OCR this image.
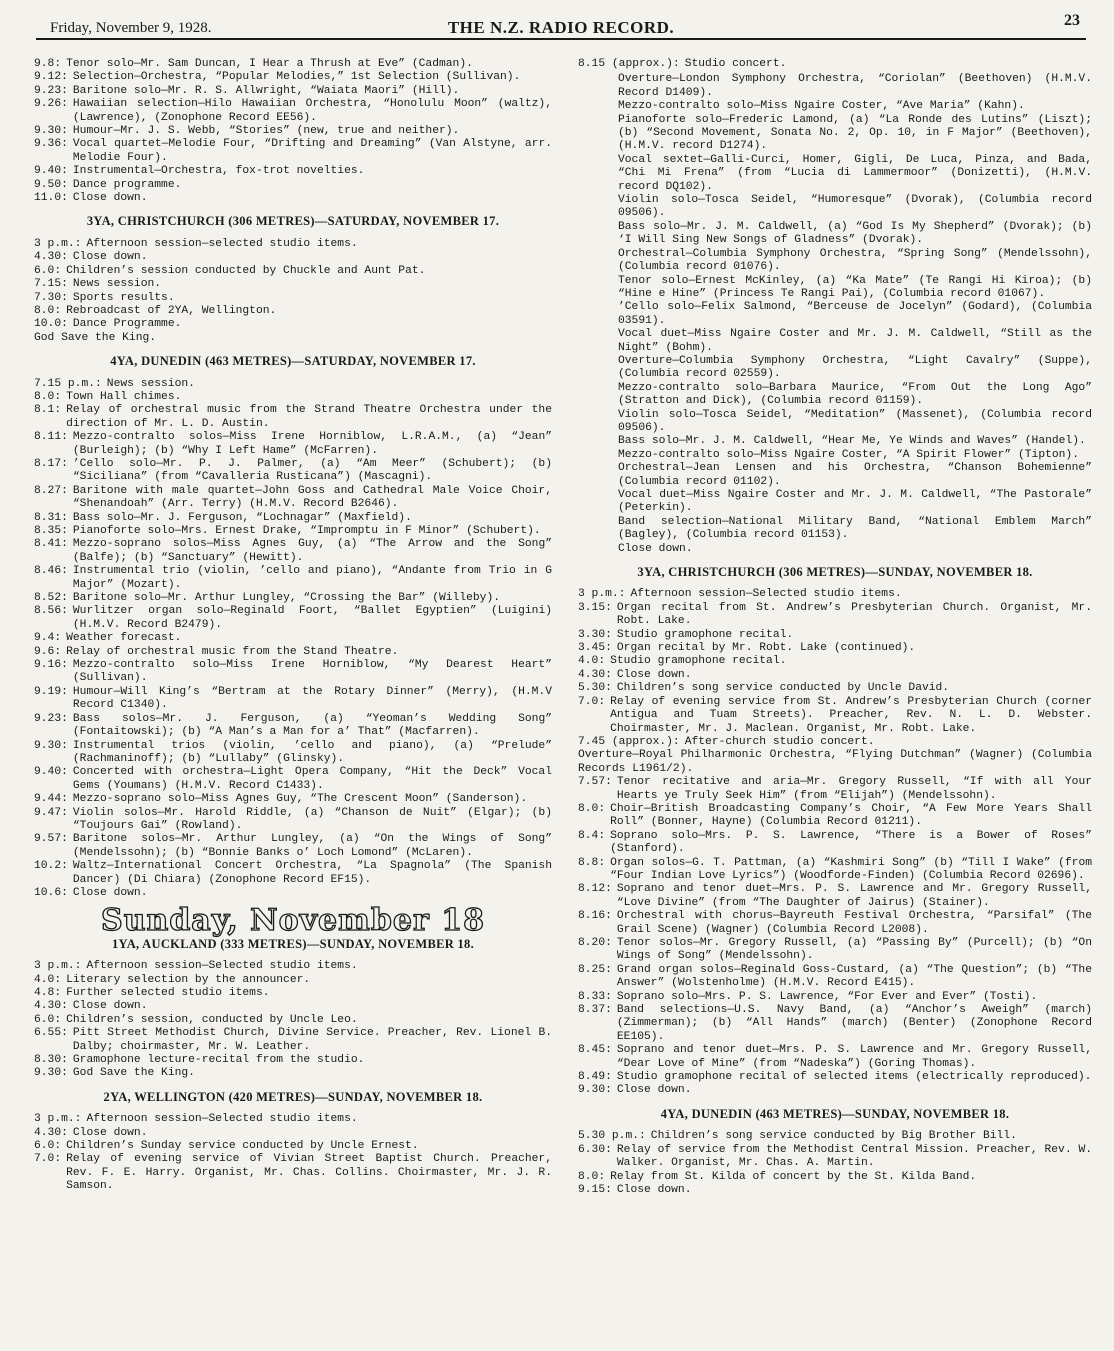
Friday, November 9, 1928.	THE N.Z. RADIO RECORD.	23
9.8: Tenor solo—Mr. Sam Duncan, I Hear a Thrush at Eve” (Cadman).
9.12: Selection—Orchestra, “Popular Melodies,” 1st Selection (Sullivan).
9.23: Baritone solo—Mr. R. S. Allwright, “Waiata Maori” (Hill).
9.26: Hawaiian selection—Hilo Hawaiian Orchestra, “Honolulu Moon” (waltz), (Lawrence), (Zonophone Record EE56).
9.30: Humour—Mr. J. S. Webb, “Stories” (new, true and neither).
9.36: Vocal quartet—Melodie Four, “Drifting and Dreaming” (Van Alstyne, arr. Melodie Four).
9.40: Instrumental—Orchestra, fox-trot novelties.
9.50: Dance programme.
11.0: Close down.
3YA, CHRISTCHURCH (306 METRES)—SATURDAY, NOVEMBER 17.
3 p.m.: Afternoon session—selected studio items.
4.30: Close down.
6.0: Children’s session conducted by Chuckle and Aunt Pat.
7.15: News session.
7.30: Sports results.
8.0: Rebroadcast of 2YA, Wellington.
10.0: Dance Programme.
God Save the King.
4YA, DUNEDIN (463 METRES)—SATURDAY, NOVEMBER 17.
7.15 p.m.: News session.
8.0: Town Hall chimes.
8.1: Relay of orchestral music from the Strand Theatre Orchestra under the direction of Mr. L. D. Austin.
8.11: Mezzo-contralto solos—Miss Irene Horniblow, L.R.A.M., (a) “Jean” (Burleigh); (b) “Why I Left Hame” (McFarren).
8.17: ’Cello solo—Mr. P. J. Palmer, (a) “Am Meer” (Schubert); (b) “Siciliana” (from “Cavalleria Rusticana”) (Mascagni).
8.27: Baritone with male quartet—John Goss and Cathedral Male Voice Choir, “Shenandoah” (Arr. Terry) (H.M.V. Record B2646).
8.31: Bass solo—Mr. J. Ferguson, “Lochnagar” (Maxfield).
8.35: Pianoforte solo—Mrs. Ernest Drake, “Impromptu in F Minor” (Schubert).
8.41: Mezzo-soprano solos—Miss Agnes Guy, (a) “The Arrow and the Song” (Balfe); (b) “Sanctuary” (Hewitt).
8.46: Instrumental trio (violin, ’cello and piano), “Andante from Trio in G Major” (Mozart).
8.52: Baritone solo—Mr. Arthur Lungley, “Crossing the Bar” (Willeby).
8.56: Wurlitzer organ solo—Reginald Foort, “Ballet Egyptien” (Luigini) (H.M.V. Record B2479).
9.4: Weather forecast.
9.6: Relay of orchestral music from the Stand Theatre.
9.16: Mezzo-contralto solo—Miss Irene Horniblow, “My Dearest Heart” (Sullivan).
9.19: Humour—Will King’s “Bertram at the Rotary Dinner” (Merry), (H.M.V Record C1340).
9.23: Bass solos—Mr. J. Ferguson, (a) “Yeoman’s Wedding Song” (Fontaitowski); (b) “A Man’s a Man for a’ That” (Macfarren).
9.30: Instrumental trios (violin, ’cello and piano), (a) “Prelude” (Rachmaninoff); (b) “Lullaby” (Glinsky).
9.40: Concerted with orchestra—Light Opera Company, “Hit the Deck” Vocal Gems (Youmans) (H.M.V. Record C1433).
9.44: Mezzo-soprano solo—Miss Agnes Guy, “The Crescent Moon” (Sanderson).
9.47: Violin solos—Mr. Harold Riddle, (a) “Chanson de Nuit” (Elgar); (b) “Toujours Gai” (Rowland).
9.57: Baritone solos—Mr. Arthur Lungley, (a) “On the Wings of Song” (Mendelssohn); (b) “Bonnie Banks o’ Loch Lomond” (McLaren).
10.2: Waltz—International Concert Orchestra, “La Spagnola” (The Spanish Dancer) (Di Chiara) (Zonophone Record EF15).
10.6: Close down.
Sunday, November 18
1YA, AUCKLAND (333 METRES)—SUNDAY, NOVEMBER 18.
3 p.m.: Afternoon session—Selected studio items.
4.0: Literary selection by the announcer.
4.8: Further selected studio items.
4.30: Close down.
6.0: Children’s session, conducted by Uncle Leo.
6.55: Pitt Street Methodist Church, Divine Service. Preacher, Rev. Lionel B. Dalby; choirmaster, Mr. W. Leather.
8.30: Gramophone lecture-recital from the studio.
9.30: God Save the King.
2YA, WELLINGTON (420 METRES)—SUNDAY, NOVEMBER 18.
3 p.m.: Afternoon session—Selected studio items.
4.30: Close down.
6.0: Children’s Sunday service conducted by Uncle Ernest.
7.0: Relay of evening service of Vivian Street Baptist Church. Preacher, Rev. F. E. Harry. Organist, Mr. Chas. Collins. Choirmaster, Mr. J. R. Samson.
8.15 (approx.): Studio concert.
Overture—London Symphony Orchestra, “Coriolan” (Beethoven) (H.M.V. Record D1409).
Mezzo-contralto solo—Miss Ngaire Coster, “Ave Maria” (Kahn).
Pianoforte solo—Frederic Lamond, (a) “La Ronde des Lutins” (Liszt); (b) “Second Movement, Sonata No. 2, Op. 10, in F Major” (Beethoven), (H.M.V. record D1274).
Vocal sextet—Galli-Curci, Homer, Gigli, De Luca, Pinza, and Bada, “Chi Mi Frena” (from “Lucia di Lammermoor” (Donizetti), (H.M.V. record DQ102).
Violin solo—Tosca Seidel, “Humoresque” (Dvorak), (Columbia record 09506).
Bass solo—Mr. J. M. Caldwell, (a) “God Is My Shepherd” (Dvorak); (b) ‘I Will Sing New Songs of Gladness” (Dvorak).
Orchestral—Columbia Symphony Orchestra, “Spring Song” (Mendelssohn), (Columbia record 01076).
Tenor solo—Ernest McKinley, (a) “Ka Mate” (Te Rangi Hi Kiroa); (b) “Hine e Hine” (Princess Te Rangi Pai), (Columbia record 01067).
’Cello solo—Felix Salmond, “Berceuse de Jocelyn” (Godard), (Columbia 03591).
Vocal duet—Miss Ngaire Coster and Mr. J. M. Caldwell, “Still as the Night” (Bohm).
Overture—Columbia Symphony Orchestra, “Light Cavalry” (Suppe), (Columbia record 02559).
Mezzo-contralto solo—Barbara Maurice, “From Out the Long Ago” (Stratton and Dick), (Columbia record 01159).
Violin solo—Tosca Seidel, “Meditation” (Massenet), (Columbia record 09506).
Bass solo—Mr. J. M. Caldwell, “Hear Me, Ye Winds and Waves” (Handel).
Mezzo-contralto solo—Miss Ngaire Coster, “A Spirit Flower” (Tipton).
Orchestral—Jean Lensen and his Orchestra, “Chanson Bohemienne” (Columbia record 01102).
Vocal duet—Miss Ngaire Coster and Mr. J. M. Caldwell, “The Pastorale” (Peterkin).
Band selection—National Military Band, “National Emblem March” (Bagley), (Columbia record 01153).
Close down.
3YA, CHRISTCHURCH (306 METRES)—SUNDAY, NOVEMBER 18.
3 p.m.: Afternoon session—Selected studio items.
3.15: Organ recital from St. Andrew’s Presbyterian Church. Organist, Mr. Robt. Lake.
3.30: Studio gramophone recital.
3.45: Organ recital by Mr. Robt. Lake (continued).
4.0: Studio gramophone recital.
4.30: Close down.
5.30: Children’s song service conducted by Uncle David.
7.0: Relay of evening service from St. Andrew’s Presbyterian Church (corner Antigua and Tuam Streets). Preacher, Rev. N. L. D. Webster. Choirmaster, Mr. J. Maclean. Organist, Mr. Robt. Lake.
7.45 (approx.): After-church studio concert.
Overture—Royal Philharmonic Orchestra, “Flying Dutchman” (Wagner) (Columbia Records L1961/2).
7.57: Tenor recitative and aria—Mr. Gregory Russell, “If with all Your Hearts ye Truly Seek Him” (from “Elijah”) (Mendelssohn).
8.0: Choir—British Broadcasting Company’s Choir, “A Few More Years Shall Roll” (Bonner, Hayne) (Columbia Record 01211).
8.4: Soprano solo—Mrs. P. S. Lawrence, “There is a Bower of Roses” (Stanford).
8.8: Organ solos—G. T. Pattman, (a) “Kashmiri Song” (b) “Till I Wake” (from “Four Indian Love Lyrics”) (Woodforde-Finden) (Columbia Record 02696).
8.12: Soprano and tenor duet—Mrs. P. S. Lawrence and Mr. Gregory Russell, “Love Divine” (from “The Daughter of Jairus) (Stainer).
8.16: Orchestral with chorus—Bayreuth Festival Orchestra, “Parsifal” (The Grail Scene) (Wagner) (Columbia Record L2008).
8.20: Tenor solos—Mr. Gregory Russell, (a) “Passing By” (Purcell); (b) “On Wings of Song” (Mendelssohn).
8.25: Grand organ solos—Reginald Goss-Custard, (a) “The Question”; (b) “The Answer” (Wolstenholme) (H.M.V. Record E415).
8.33: Soprano solo—Mrs. P. S. Lawrence, “For Ever and Ever” (Tosti).
8.37: Band selections—U.S. Navy Band, (a) “Anchor’s Aweigh” (march) (Zimmerman); (b) “All Hands” (march) (Benter) (Zonophone Record EE105).
8.45: Soprano and tenor duet—Mrs. P. S. Lawrence and Mr. Gregory Russell, “Dear Love of Mine” (from “Nadeska”) (Goring Thomas).
8.49: Studio gramophone recital of selected items (electrically reproduced).
9.30: Close down.
4YA, DUNEDIN (463 METRES)—SUNDAY, NOVEMBER 18.
5.30 p.m.: Children’s song service conducted by Big Brother Bill.
6.30: Relay of service from the Methodist Central Mission. Preacher, Rev. W. Walker. Organist, Mr. Chas. A. Martin.
8.0: Relay from St. Kilda of concert by the St. Kilda Band.
9.15: Close down.
